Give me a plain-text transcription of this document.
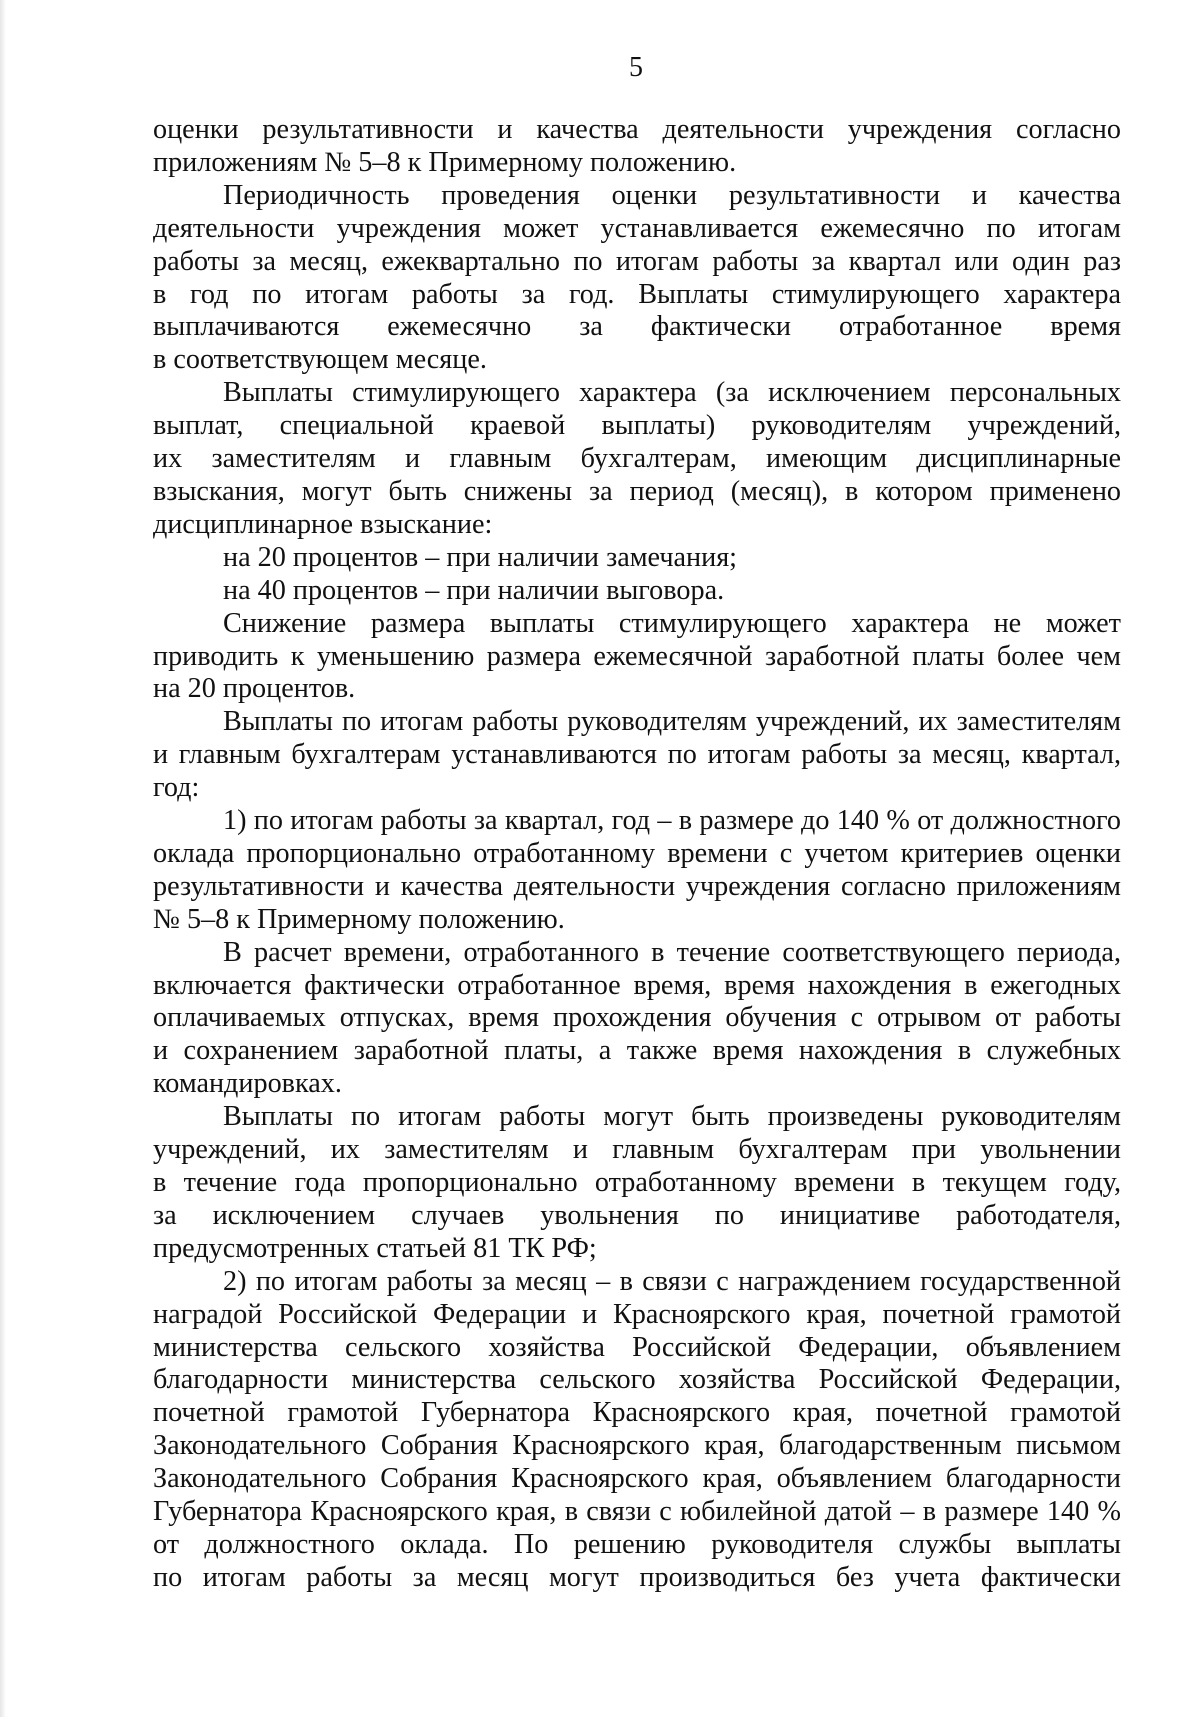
5
оценки результативности и качества деятельности учреждения согласно
приложениям № 5–8 к Примерному положению.
Периодичность проведения оценки результативности и качества
деятельности учреждения может устанавливается ежемесячно по итогам
работы за месяц, ежеквартально по итогам работы за квартал или один раз
в год по итогам работы за год. Выплаты стимулирующего характера
выплачиваются ежемесячно за фактически отработанное время
в соответствующем месяце.
Выплаты стимулирующего характера (за исключением персональных
выплат, специальной краевой выплаты) руководителям учреждений,
их заместителям и главным бухгалтерам, имеющим дисциплинарные
взыскания, могут быть снижены за период (месяц), в котором применено
дисциплинарное взыскание:
на 20 процентов – при наличии замечания;
на 40 процентов – при наличии выговора.
Снижение размера выплаты стимулирующего характера не может
приводить к уменьшению размера ежемесячной заработной платы более чем
на 20 процентов.
Выплаты по итогам работы руководителям учреждений, их заместителям
и главным бухгалтерам устанавливаются по итогам работы за месяц, квартал,
год:
1) по итогам работы за квартал, год – в размере до 140 % от должностного
оклада пропорционально отработанному времени с учетом критериев оценки
результативности и качества деятельности учреждения согласно приложениям
№ 5–8 к Примерному положению.
В расчет времени, отработанного в течение соответствующего периода,
включается фактически отработанное время, время нахождения в ежегодных
оплачиваемых отпусках, время прохождения обучения с отрывом от работы
и сохранением заработной платы, а также время нахождения в служебных
командировках.
Выплаты по итогам работы могут быть произведены руководителям
учреждений, их заместителям и главным бухгалтерам при увольнении
в течение года пропорционально отработанному времени в текущем году,
за исключением случаев увольнения по инициативе работодателя,
предусмотренных статьей 81 ТК РФ;
2) по итогам работы за месяц – в связи с награждением государственной
наградой Российской Федерации и Красноярского края, почетной грамотой
министерства сельского хозяйства Российской Федерации, объявлением
благодарности министерства сельского хозяйства Российской Федерации,
почетной грамотой Губернатора Красноярского края, почетной грамотой
Законодательного Собрания Красноярского края, благодарственным письмом
Законодательного Собрания Красноярского края, объявлением благодарности
Губернатора Красноярского края, в связи с юбилейной датой – в размере 140 %
от должностного оклада. По решению руководителя службы выплаты
по итогам работы за месяц могут производиться без учета фактически
